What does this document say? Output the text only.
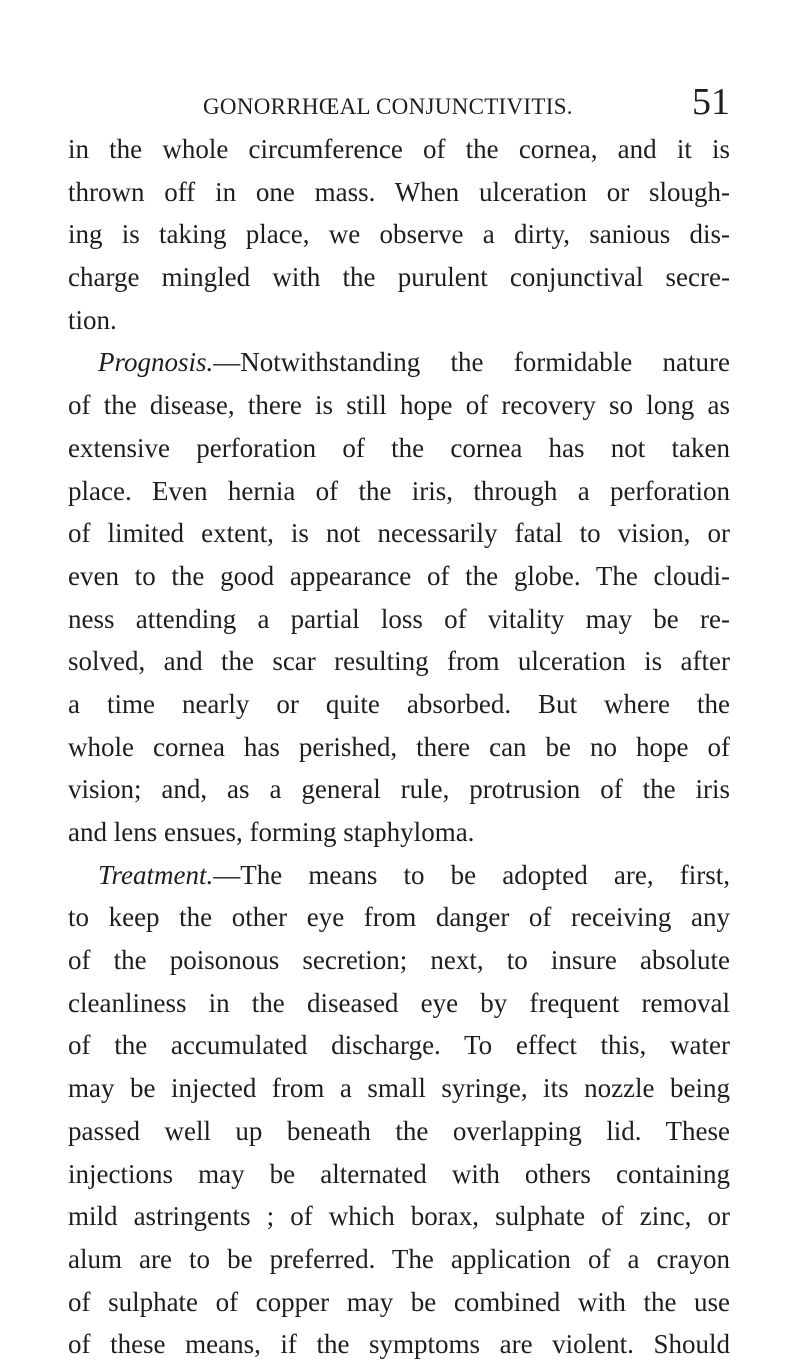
GONORRHŒAL CONJUNCTIVITIS.	51
in the whole circumference of the cornea, and it is
thrown off in one mass. When ulceration or slough-
ing is taking place, we observe a dirty, sanious dis-
charge mingled with the purulent conjunctival secre-
tion.
Prognosis.—Notwithstanding the formidable nature
of the disease, there is still hope of recovery so long as
extensive perforation of the cornea has not taken
place. Even hernia of the iris, through a perforation
of limited extent, is not necessarily fatal to vision, or
even to the good appearance of the globe. The cloudi-
ness attending a partial loss of vitality may be re-
solved, and the scar resulting from ulceration is after
a time nearly or quite absorbed. But where the
whole cornea has perished, there can be no hope of
vision; and, as a general rule, protrusion of the iris
and lens ensues, forming staphyloma.
Treatment.—The means to be adopted are, first,
to keep the other eye from danger of receiving any
of the poisonous secretion; next, to insure absolute
cleanliness in the diseased eye by frequent removal
of the accumulated discharge. To effect this, water
may be injected from a small syringe, its nozzle being
passed well up beneath the overlapping lid. These
injections may be alternated with others containing
mild astringents ; of which borax, sulphate of zinc, or
alum are to be preferred. The application of a crayon
of sulphate of copper may be combined with the use
of these means, if the symptoms are violent. Should
